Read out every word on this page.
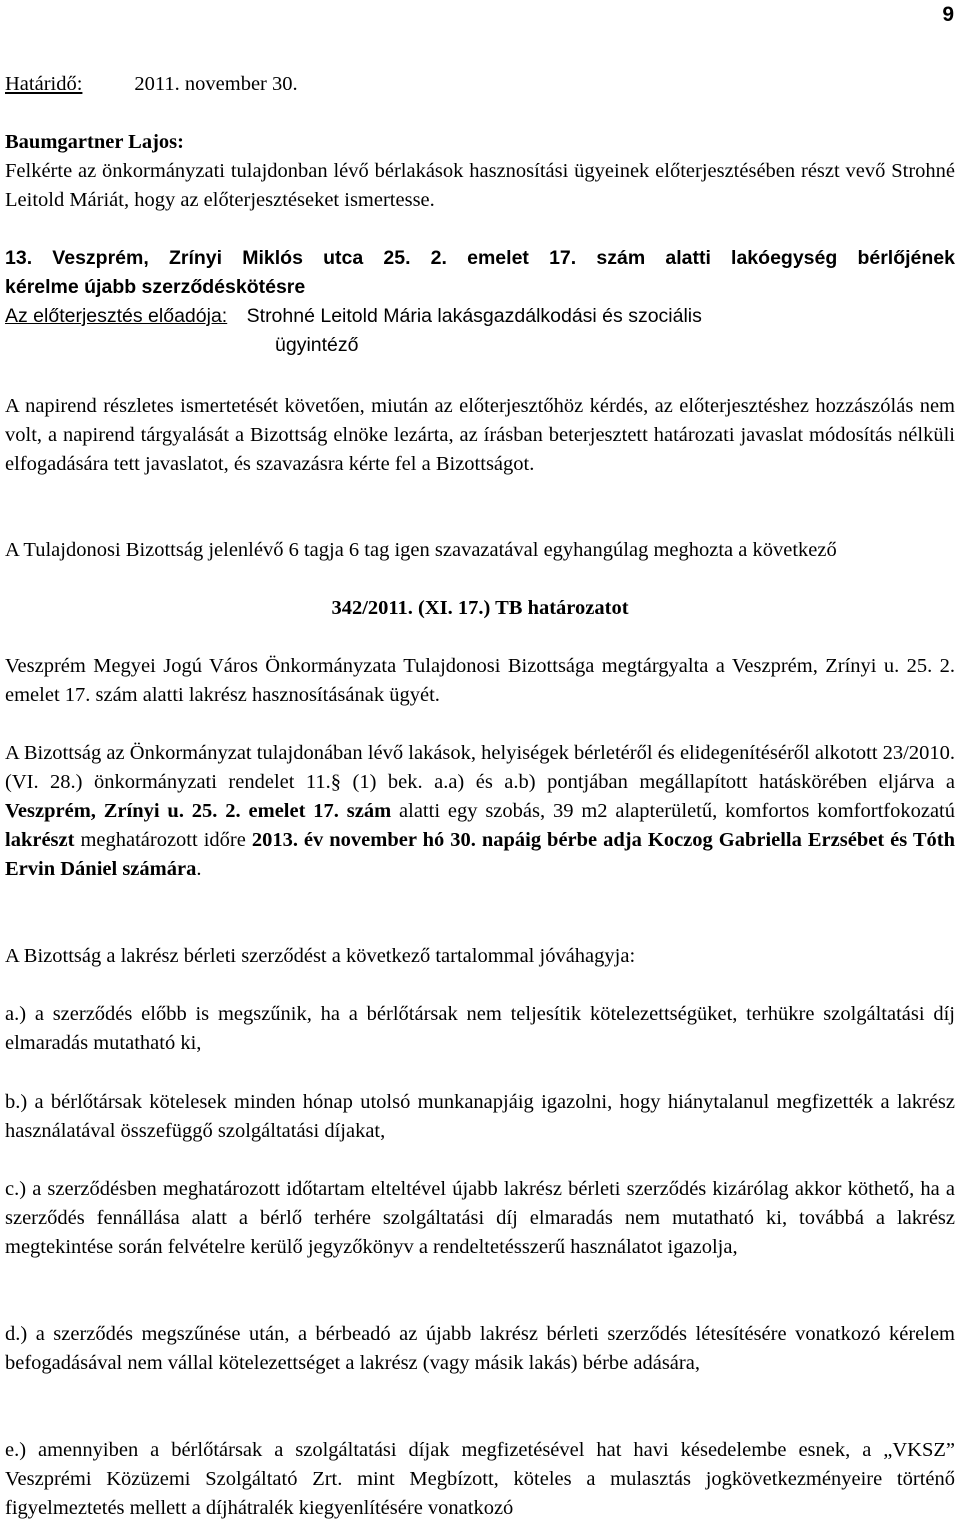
9
Határidő:	2011. november 30.

Baumgartner Lajos:

Felkérte az önkormányzati tulajdonban lévő bérlakások hasznosítási ügyeinek előterjesztésében részt vevő Strohné Leitold Máriát, hogy az előterjesztéseket ismertesse.

13. Veszprém, Zrínyi Miklós utca 25. 2. emelet 17. szám alatti lakóegység bérlőjének

kérelme újabb szerződéskötésre

Az előterjesztés előadója: Strohné Leitold Mária lakásgazdálkodási és szociális

ügyintéző

A napirend részletes ismertetését követően, miután az előterjesztőhöz kérdés, az előterjesztéshez hozzászólás nem volt, a napirend tárgyalását a Bizottság elnöke lezárta, az írásban beterjesztett határozati javaslat módosítás nélküli elfogadására tett javaslatot, és szavazásra kérte fel a Bizottságot.
A Tulajdonosi Bizottság jelenlévő 6 tagja 6 tag igen szavazatával egyhangúlag meghozta a következő
342/2011. (XI. 17.) TB határozatot
Veszprém Megyei Jogú Város Önkormányzata Tulajdonosi Bizottsága megtárgyalta a Veszprém, Zrínyi u. 25. 2. emelet 17. szám alatti lakrész hasznosításának ügyét.
A Bizottság az Önkormányzat tulajdonában lévő lakások, helyiségek bérletéről és elidegenítéséről alkotott 23/2010.(VI. 28.) önkormányzati rendelet 11.§ (1) bek. a.a) és a.b) pontjában megállapított hatáskörében eljárva a Veszprém, Zrínyi u. 25. 2. emelet 17. szám alatti egy szobás, 39 m2 alapterületű, komfortos komfortfokozatú lakrészt meghatározott időre 2013. év november hó 30. napáig bérbe adja Koczog Gabriella Erzsébet és Tóth Ervin Dániel számára.
A Bizottság a lakrész bérleti szerződést a következő tartalommal jóváhagyja:
a.) a szerződés előbb is megszűnik, ha a bérlőtársak nem teljesítik kötelezettségüket, terhükre szolgáltatási díj elmaradás mutatható ki,
b.) a bérlőtársak kötelesek minden hónap utolsó munkanapjáig igazolni, hogy hiánytalanul megfizették a lakrész használatával összefüggő szolgáltatási díjakat,
c.) a szerződésben meghatározott időtartam elteltével újabb lakrész bérleti szerződés kizárólag akkor köthető, ha a szerződés fennállása alatt a bérlő terhére szolgáltatási díj elmaradás nem mutatható ki, továbbá a lakrész megtekintése során felvételre kerülő jegyzőkönyv a rendeltetésszerű használatot igazolja,
d.) a szerződés megszűnése után, a bérbeadó az újabb lakrész bérleti szerződés létesítésére vonatkozó kérelem befogadásával nem vállal kötelezettséget a lakrész (vagy másik lakás) bérbe adására,
e.) amennyiben a bérlőtársak a szolgáltatási díjak megfizetésével hat havi késedelembe esnek, a „VKSZ” Veszprémi Közüzemi Szolgáltató Zrt. mint Megbízott, köteles a mulasztás jogkövetkezményeire történő figyelmeztetés mellett a díjhátralék kiegyenlítésére vonatkozó
